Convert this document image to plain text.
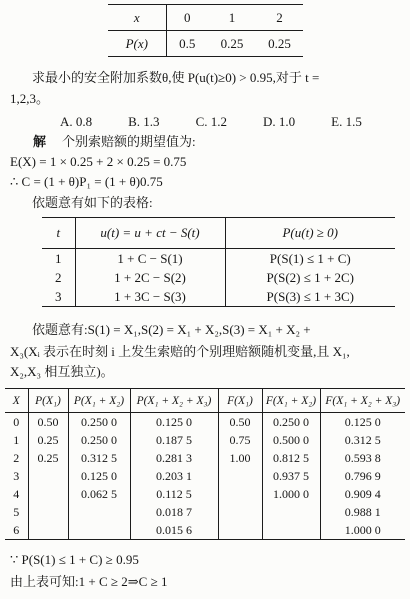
x	0	1	2
P(x)	0.5	0.25	0.25
求最小的安全附加系数θ,使 P(u(t)≥0) > 0.95,对于 t =
1,2,3。
A. 0.8	B. 1.3	C. 1.2	D. 1.0	E. 1.5
解 个别索赔额的期望值为:
E(X) = 1 × 0.25 + 2 × 0.25 = 0.75
∴ C = (1 + θ)P₁ = (1 + θ)0.75
依题意有如下的表格:
t	u(t) = u + ct − S(t)	P(u(t) ≥ 0)
1	1 + C − S(1)	P(S(1) ≤ 1 + C)
2	1 + 2C − S(2)	P(S(2) ≤ 1 + 2C)
3	1 + 3C − S(3)	P(S(3) ≤ 1 + 3C)
依题意有:S(1) = X₁,S(2) = X₁ + X₂,S(3) = X₁ + X₂ +
X₃(Xᵢ 表示在时刻 i 上发生索赔的个别理赔额随机变量,且 X₁,
X₂,X₃ 相互独立)。
X	P(X₁)	P(X₁ + X₂)	P(X₁ + X₂ + X₃)	F(X₁)	F(X₁ + X₂)	F(X₁ + X₂ + X₃)
0	0.50	0.250 0	0.125 0	0.50	0.250 0	0.125 0
1	0.25	0.250 0	0.187 5	0.75	0.500 0	0.312 5
2	0.25	0.312 5	0.281 3	1.00	0.812 5	0.593 8
3		0.125 0	0.203 1		0.937 5	0.796 9
4		0.062 5	0.112 5		1.000 0	0.909 4
5			0.018 7			0.988 1
6			0.015 6			1.000 0
∵ P(S(1) ≤ 1 + C) ≥ 0.95
由上表可知:1 + C ≥ 2⇒C ≥ 1
